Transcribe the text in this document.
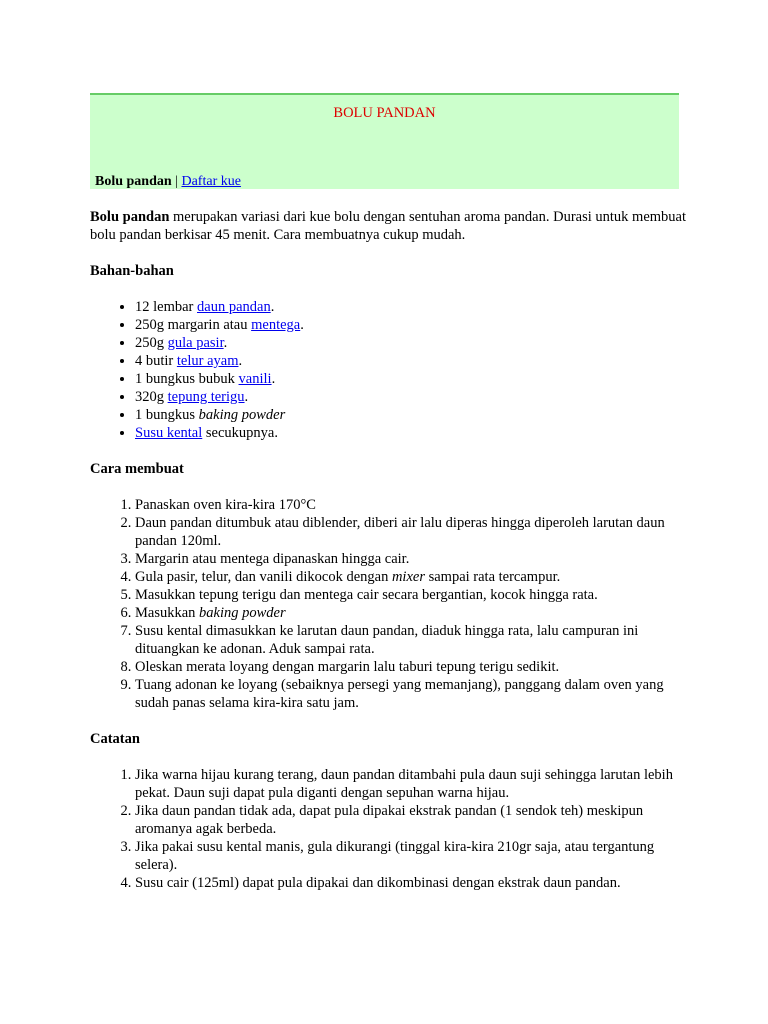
BOLU PANDAN
Bolu pandan | Daftar kue

Bolu pandan merupakan variasi dari kue bolu dengan sentuhan aroma pandan. Durasi untuk membuat bolu pandan berkisar 45 menit. Cara membuatnya cukup mudah.

Bahan-bahan
• 12 lembar daun pandan.
• 250g margarin atau mentega.
• 250g gula pasir.
• 4 butir telur ayam.
• 1 bungkus bubuk vanili.
• 320g tepung terigu.
• 1 bungkus baking powder
• Susu kental secukupnya.
Cara membuat
1. Panaskan oven kira-kira 170°C
2. Daun pandan ditumbuk atau diblender, diberi air lalu diperas hingga diperoleh larutan daun pandan 120ml.
3. Margarin atau mentega dipanaskan hingga cair.
4. Gula pasir, telur, dan vanili dikocok dengan mixer sampai rata tercampur.
5. Masukkan tepung terigu dan mentega cair secara bergantian, kocok hingga rata.
6. Masukkan baking powder
7. Susu kental dimasukkan ke larutan daun pandan, diaduk hingga rata, lalu campuran ini dituangkan ke adonan. Aduk sampai rata.
8. Oleskan merata loyang dengan margarin lalu taburi tepung terigu sedikit.
9. Tuang adonan ke loyang (sebaiknya persegi yang memanjang), panggang dalam oven yang sudah panas selama kira-kira satu jam.
Catatan
1. Jika warna hijau kurang terang, daun pandan ditambahi pula daun suji sehingga larutan lebih pekat. Daun suji dapat pula diganti dengan sepuhan warna hijau.
2. Jika daun pandan tidak ada, dapat pula dipakai ekstrak pandan (1 sendok teh) meskipun aromanya agak berbeda.
3. Jika pakai susu kental manis, gula dikurangi (tinggal kira-kira 210gr saja, atau tergantung selera).
4. Susu cair (125ml) dapat pula dipakai dan dikombinasi dengan ekstrak daun pandan.
